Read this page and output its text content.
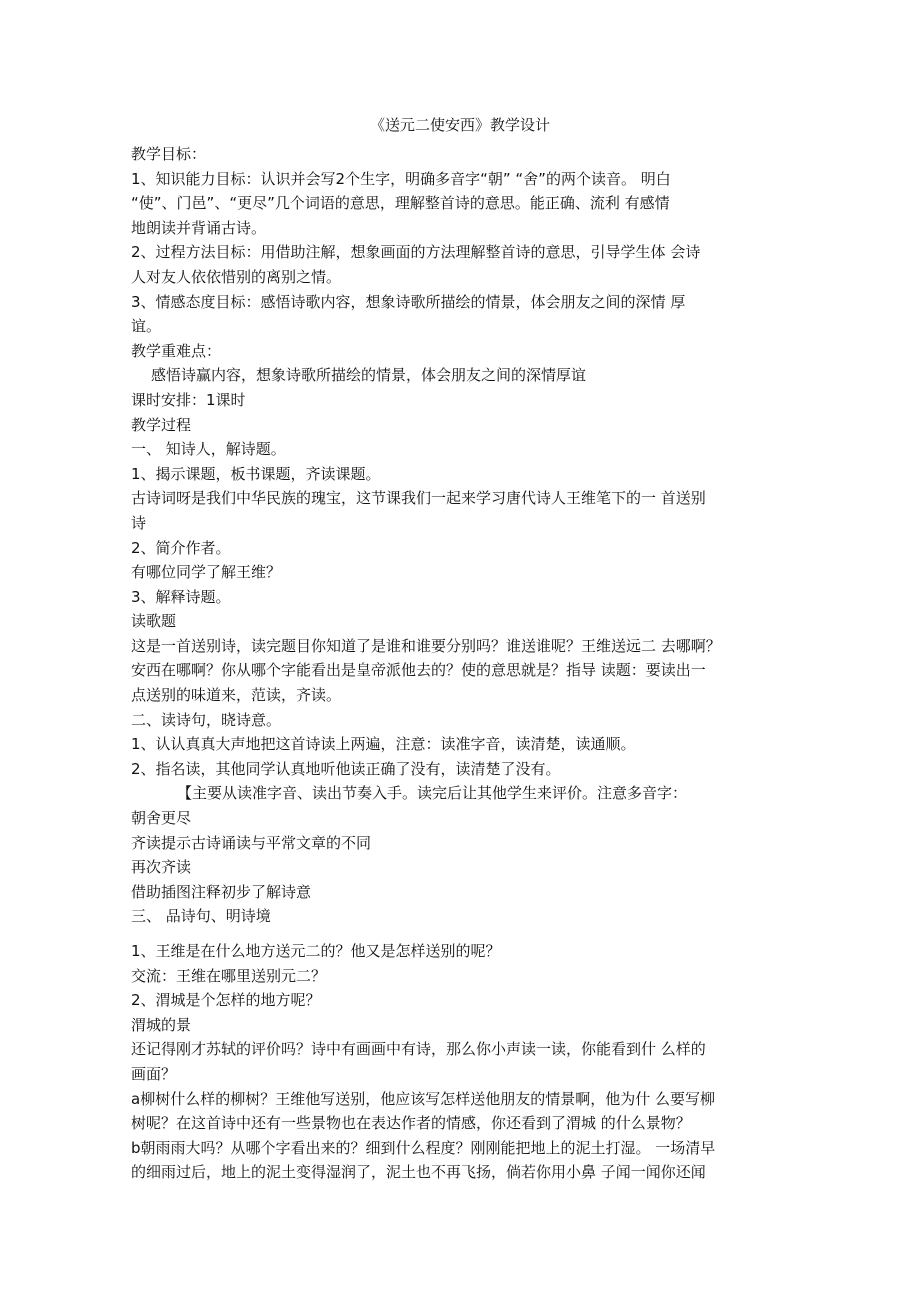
《送元二使安西》教学设计
教学目标：
1、知识能力目标：认识并会写2个生字，明确多音字“朝” “舍”的两个读音。 明白
“使”、门邑”、“更尽”几个词语的意思，理解整首诗的意思。能正确、流利 有感情
地朗读并背诵古诗。
2、过程方法目标：用借助注解，想象画面的方法理解整首诗的意思，引导学生体 会诗
人对友人依依惜别的离别之情。
3、情感态度目标：感悟诗歌内容，想象诗歌所描绘的情景，体会朋友之间的深情 厚
谊。
教学重难点：
感悟诗赢内容，想象诗歌所描绘的情景，体会朋友之间的深情厚谊
课时安排：1课时
教学过程
一、 知诗人，解诗题。
1、揭示课题，板书课题，齐读课题。
古诗词呀是我们中华民族的瑰宝，这节课我们一起来学习唐代诗人王维笔下的一 首送别
诗
2、简介作者。
有哪位同学了解王维？
3、解释诗题。
读歌题
这是一首送别诗，读完题目你知道了是谁和谁要分别吗？谁送谁呢？王维送远二 去哪啊？
安西在哪啊？你从哪个字能看出是皇帝派他去的？使的意思就是？指导 读题：要读出一
点送别的味道来，范读，齐读。
二、读诗句，晓诗意。
1、认认真真大声地把这首诗读上两遍，注意：读准字音，读清楚，读通顺。
2、指名读，其他同学认真地听他读正确了没有，读清楚了没有。
【主要从读准字音、读出节奏入手。读完后让其他学生来评价。注意多音字：
朝舍更尽
齐读提示古诗诵读与平常文章的不同
再次齐读
借助插图注释初步了解诗意
三、 品诗句、明诗境
1、王维是在什么地方送元二的？他又是怎样送别的呢？
交流：王维在哪里送别元二？
2、渭城是个怎样的地方呢？
渭城的景
还记得刚才苏轼的评价吗？诗中有画画中有诗，那么你小声读一读，你能看到什 么样的
画面？
a柳树什么样的柳树？王维他写送别，他应该写怎样送他朋友的情景啊，他为什 么要写柳
树呢？在这首诗中还有一些景物也在表达作者的情感，你还看到了渭城 的什么景物？
b朝雨雨大吗？从哪个字看出来的？细到什么程度？刚刚能把地上的泥土打湿。 一场清早
的细雨过后，地上的泥土变得湿润了，泥土也不再飞扬，倘若你用小鼻 子闻一闻你还闻
